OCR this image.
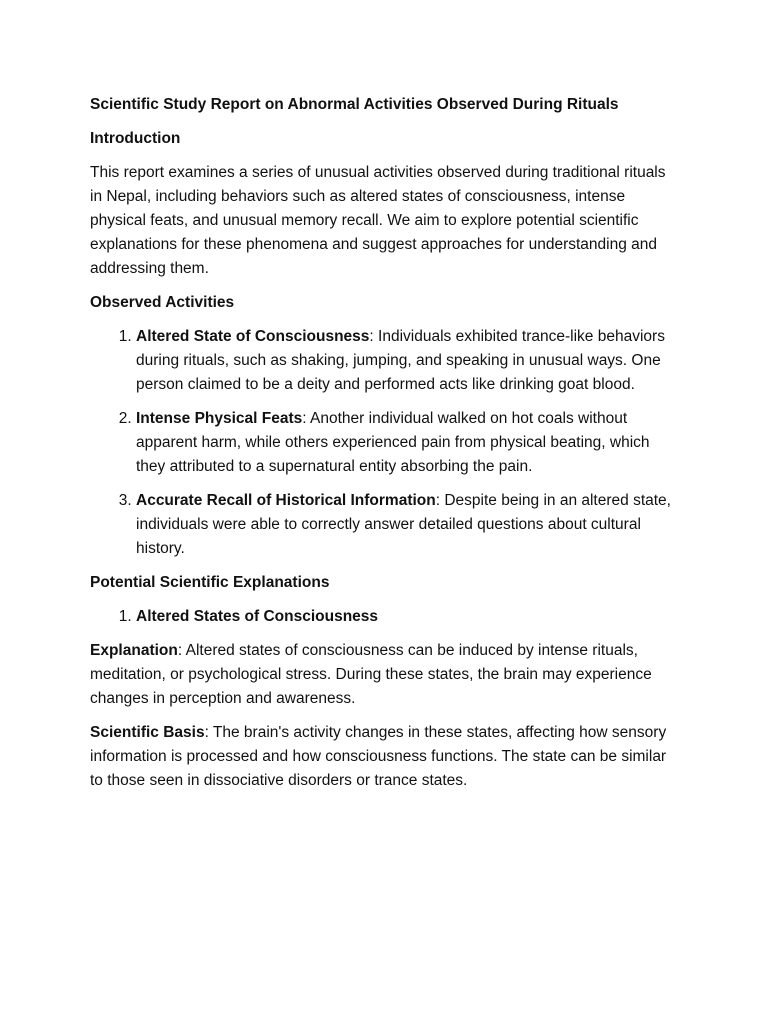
Scientific Study Report on Abnormal Activities Observed During Rituals
Introduction

This report examines a series of unusual activities observed during traditional rituals in Nepal, including behaviors such as altered states of consciousness, intense physical feats, and unusual memory recall. We aim to explore potential scientific explanations for these phenomena and suggest approaches for understanding and addressing them.

Observed Activities
1. Altered State of Consciousness: Individuals exhibited trance-like behaviors during rituals, such as shaking, jumping, and speaking in unusual ways. One person claimed to be a deity and performed acts like drinking goat blood.
2. Intense Physical Feats: Another individual walked on hot coals without apparent harm, while others experienced pain from physical beating, which they attributed to a supernatural entity absorbing the pain.
3. Accurate Recall of Historical Information: Despite being in an altered state, individuals were able to correctly answer detailed questions about cultural history.
Potential Scientific Explanations
1. Altered States of Consciousness

Explanation: Altered states of consciousness can be induced by intense rituals, meditation, or psychological stress. During these states, the brain may experience changes in perception and awareness.

Scientific Basis: The brain's activity changes in these states, affecting how sensory information is processed and how consciousness functions. The state can be similar to those seen in dissociative disorders or trance states.
